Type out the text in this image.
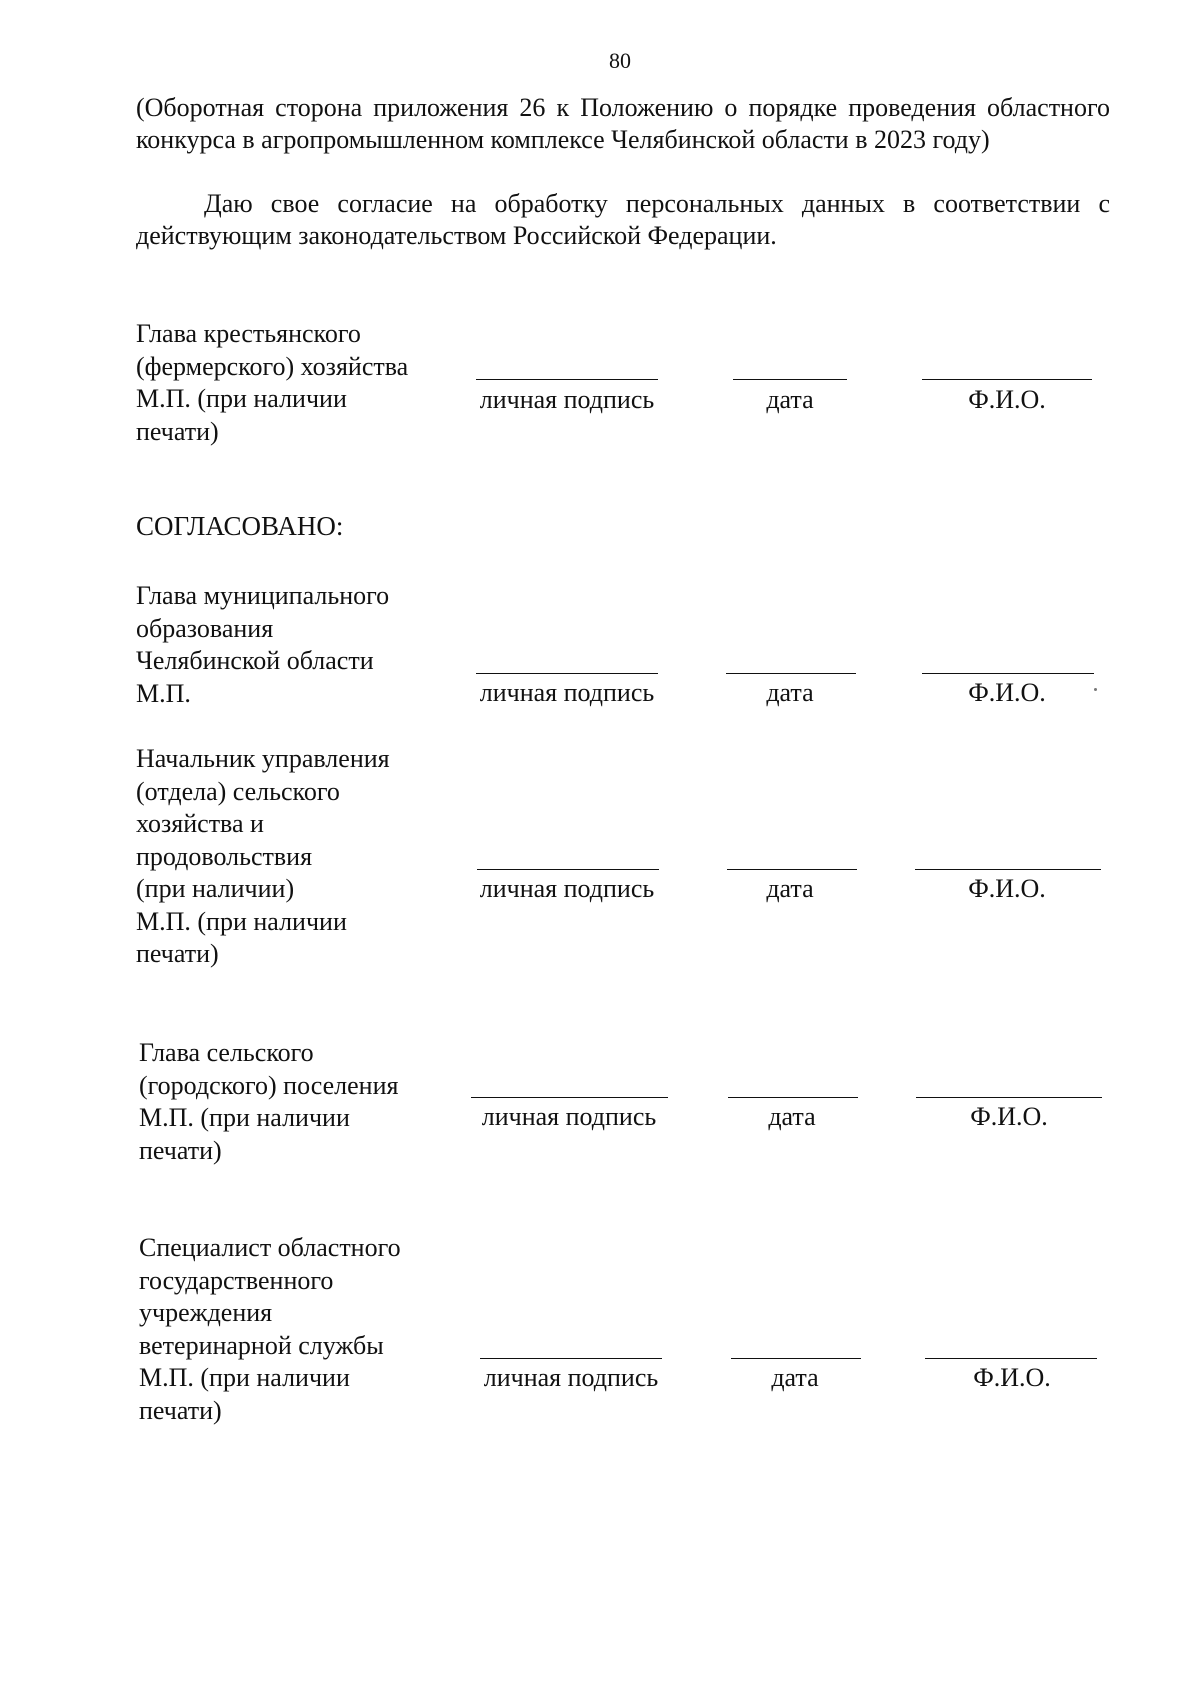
80
(Оборотная сторона приложения 26 к Положению о порядке проведения областного конкурса в агропромышленном комплексе Челябинской области в 2023 году)
Даю свое согласие на обработку персональных данных в соответствии с действующим законодательством Российской Федерации.
Глава крестьянского
(фермерского) хозяйства
М.П. (при наличии
печати)
личная подпись	дата	Ф.И.О.
СОГЛАСОВАНО:
Глава муниципального
образования
Челябинской области
М.П.	личная подпись	дата	Ф.И.О.
Начальник управления
(отдела) сельского
хозяйства и
продовольствия
(при наличии)
М.П. (при наличии
печати)
личная подпись	дата	Ф.И.О.
Глава сельского
(городского) поселения
М.П. (при наличии
печати)
личная подпись	дата	Ф.И.О.
Специалист областного
государственного
учреждения
ветеринарной службы
М.П. (при наличии
печати)
личная подпись	дата	Ф.И.О.
